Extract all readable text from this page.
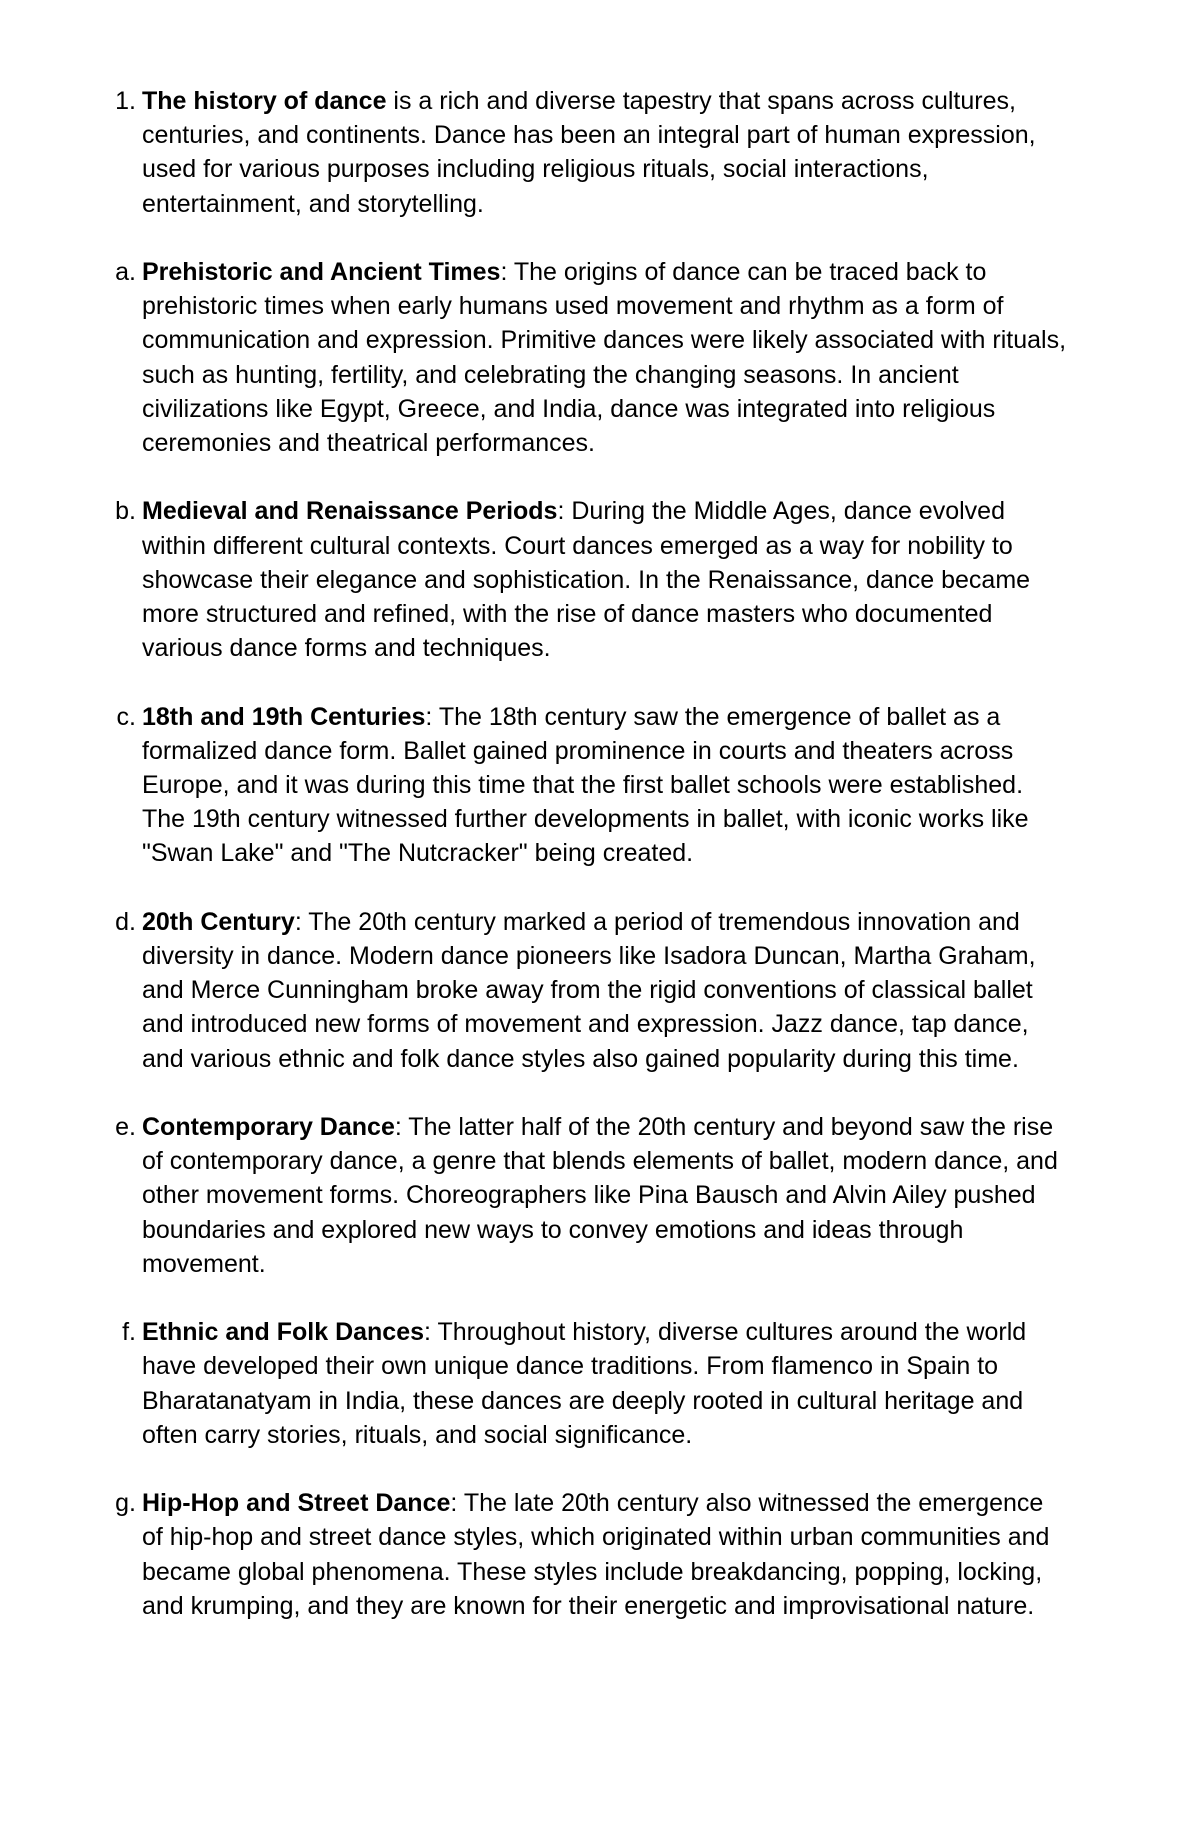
1. The history of dance is a rich and diverse tapestry that spans across cultures, centuries, and continents. Dance has been an integral part of human expression, used for various purposes including religious rituals, social interactions, entertainment, and storytelling.
a. Prehistoric and Ancient Times: The origins of dance can be traced back to prehistoric times when early humans used movement and rhythm as a form of communication and expression. Primitive dances were likely associated with rituals, such as hunting, fertility, and celebrating the changing seasons. In ancient civilizations like Egypt, Greece, and India, dance was integrated into religious ceremonies and theatrical performances.
b. Medieval and Renaissance Periods: During the Middle Ages, dance evolved within different cultural contexts. Court dances emerged as a way for nobility to showcase their elegance and sophistication. In the Renaissance, dance became more structured and refined, with the rise of dance masters who documented various dance forms and techniques.
c. 18th and 19th Centuries: The 18th century saw the emergence of ballet as a formalized dance form. Ballet gained prominence in courts and theaters across Europe, and it was during this time that the first ballet schools were established. The 19th century witnessed further developments in ballet, with iconic works like "Swan Lake" and "The Nutcracker" being created.
d. 20th Century: The 20th century marked a period of tremendous innovation and diversity in dance. Modern dance pioneers like Isadora Duncan, Martha Graham, and Merce Cunningham broke away from the rigid conventions of classical ballet and introduced new forms of movement and expression. Jazz dance, tap dance, and various ethnic and folk dance styles also gained popularity during this time.
e. Contemporary Dance: The latter half of the 20th century and beyond saw the rise of contemporary dance, a genre that blends elements of ballet, modern dance, and other movement forms. Choreographers like Pina Bausch and Alvin Ailey pushed boundaries and explored new ways to convey emotions and ideas through movement.
f. Ethnic and Folk Dances: Throughout history, diverse cultures around the world have developed their own unique dance traditions. From flamenco in Spain to Bharatanatyam in India, these dances are deeply rooted in cultural heritage and often carry stories, rituals, and social significance.
g. Hip-Hop and Street Dance: The late 20th century also witnessed the emergence of hip-hop and street dance styles, which originated within urban communities and became global phenomena. These styles include breakdancing, popping, locking, and krumping, and they are known for their energetic and improvisational nature.
